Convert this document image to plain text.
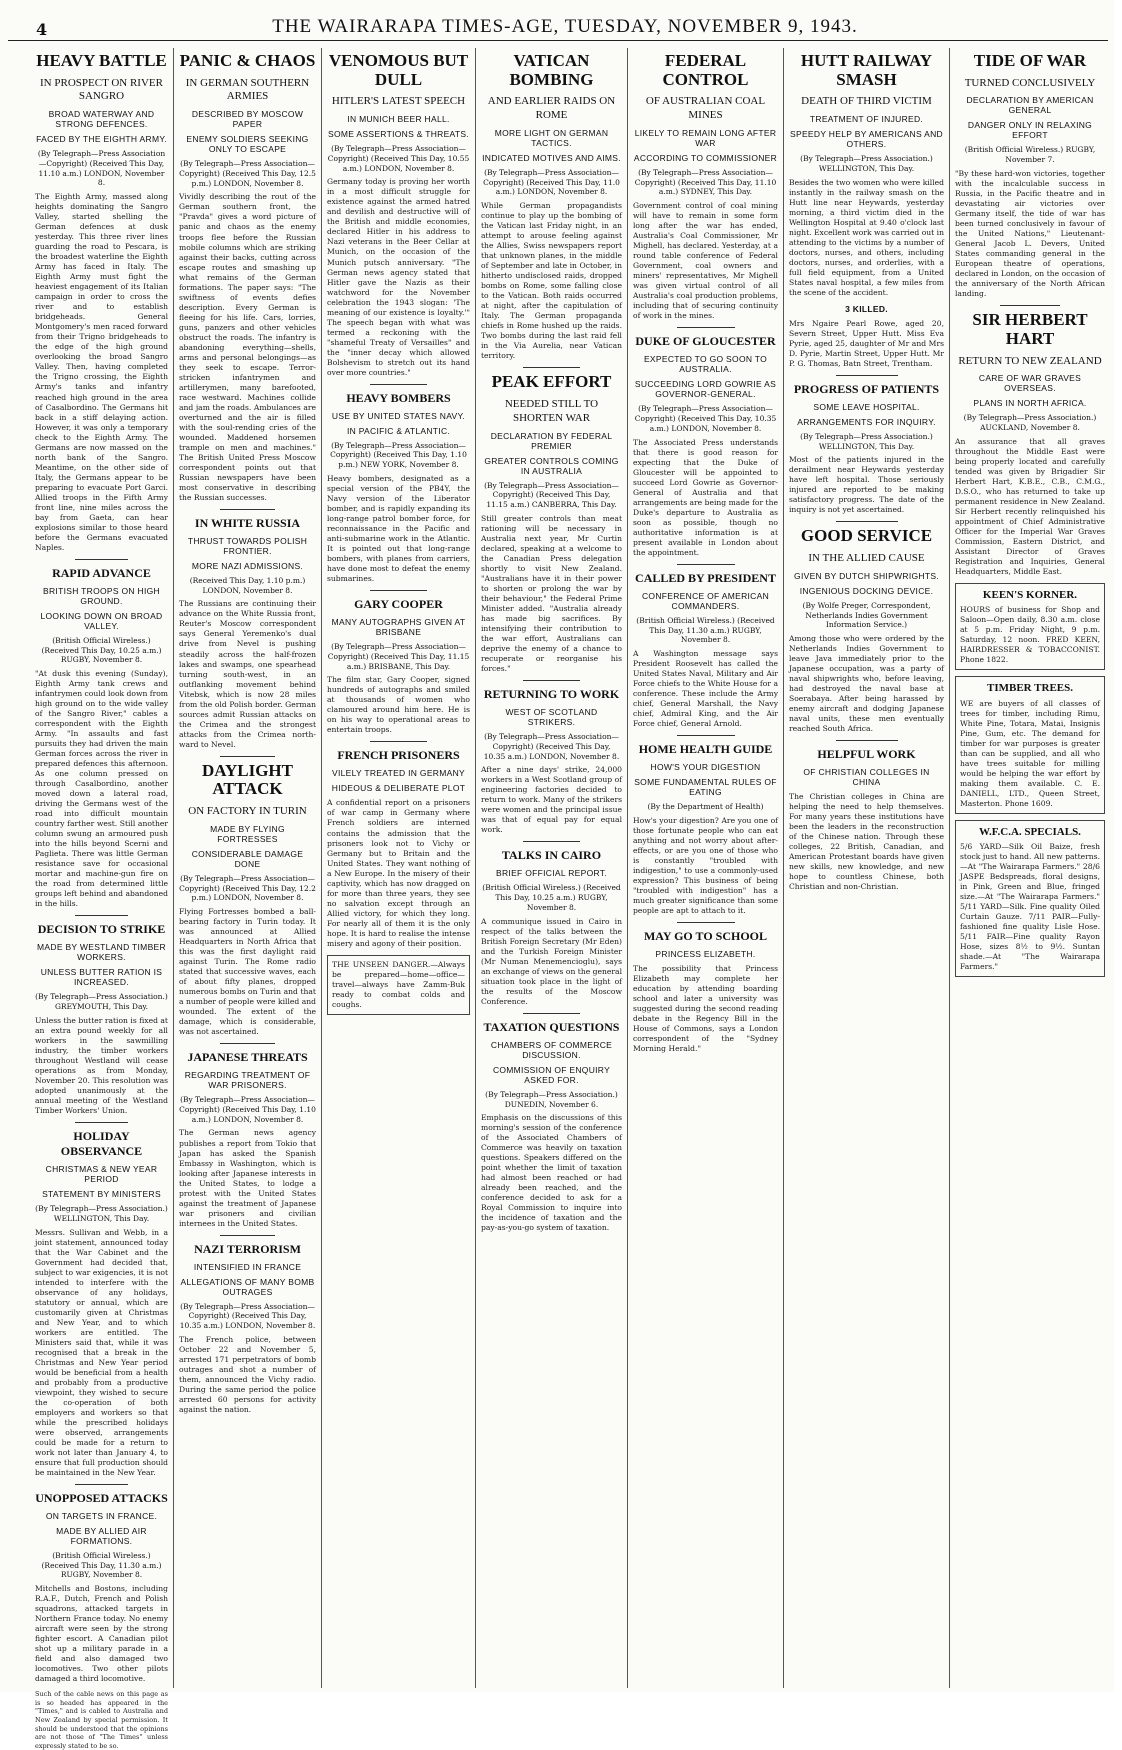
4	THE WAIRARAPA TIMES-AGE, TUESDAY, NOVEMBER 9, 1943.
HEAVY BATTLE
IN PROSPECT ON RIVER SANGRO
BROAD WATERWAY AND STRONG DEFENCES.
FACED BY THE EIGHTH ARMY.
(By Telegraph—Press Association—Copyright) (Received This Day, 11.10 a.m.) LONDON, November 8.
The Eighth Army, massed along heights dominating the Sangro Valley, started shelling the German defences at dusk yesterday. This three river lines guarding the road to Pescara, is the broadest waterline the Eighth Army has faced in Italy. The Eighth Army must fight the heaviest engagement of its Italian campaign in order to cross the river and to establish bridgeheads. General Montgomery's men raced forward from their Trigno bridgeheads to the edge of the high ground overlooking the broad Sangro Valley. Then, having completed the Trigno crossing, the Eighth Army's tanks and infantry reached high ground in the area of Casalbordino. The Germans hit back in a stiff delaying action. However, it was only a temporary check to the Eighth Army. The Germans are now massed on the north bank of the Sangro. Meantime, on the other side of Italy, the Germans appear to be preparing to evacuate Port Garci. Allied troops in the Fifth Army front line, nine miles across the bay from Gaeta, can hear explosions similar to those heard before the Germans evacuated Naples.
RAPID ADVANCE
BRITISH TROOPS ON HIGH GROUND.
LOOKING DOWN ON BROAD VALLEY.
(British Official Wireless.) (Received This Day, 10.25 a.m.) RUGBY, November 8.
"At dusk this evening (Sunday), Eighth Army tank crews and infantrymen could look down from high ground on to the wide valley of the Sangro River," cables a correspondent with the Eighth Army. "In assaults and fast pursuits they had driven the main German forces across the river in prepared defences this afternoon. As one column pressed on through Casalbordino, another moved down a lateral road, driving the Germans west of the road into difficult mountain country farther west. Still another column swung an armoured push into the hills beyond Scerni and Paglieta. There was little German resistance save for occasional mortar and machine-gun fire on the road from determined little groups left behind and abandoned in the hills.
DECISION TO STRIKE
MADE BY WESTLAND TIMBER WORKERS.
UNLESS BUTTER RATION IS INCREASED.
(By Telegraph—Press Association.) GREYMOUTH, This Day.
Unless the butter ration is fixed at an extra pound weekly for all workers in the sawmilling industry, the timber workers throughout Westland will cease operations as from Monday, November 20. This resolution was adopted unanimously at the annual meeting of the Westland Timber Workers' Union.
HOLIDAY OBSERVANCE
CHRISTMAS & NEW YEAR PERIOD
STATEMENT BY MINISTERS
(By Telegraph—Press Association.) WELLINGTON, This Day.
Messrs. Sullivan and Webb, in a joint statement, announced today that the War Cabinet and the Government had decided that, subject to war exigencies, it is not intended to interfere with the observance of any holidays, statutory or annual, which are customarily given at Christmas and New Year, and to which workers are entitled. The Ministers said that, while it was recognised that a break in the Christmas and New Year period would be beneficial from a health and probably from a productive viewpoint, they wished to secure the co-operation of both employers and workers so that while the prescribed holidays were observed, arrangements could be made for a return to work not later than January 4, to ensure that full production should be maintained in the New Year.
UNOPPOSED ATTACKS
ON TARGETS IN FRANCE.
MADE BY ALLIED AIR FORMATIONS.
(British Official Wireless.) (Received This Day, 11.30 a.m.) RUGBY, November 8.
Mitchells and Bostons, including R.A.F., Dutch, French and Polish squadrons, attacked targets in Northern France today. No enemy aircraft were seen by the strong fighter escort. A Canadian pilot shot up a military parade in a field and also damaged two locomotives. Two other pilots damaged a third locomotive.
Such of the cable news on this page as is so headed has appeared in the "Times," and is cabled to Australia and New Zealand by special permission. It should be understood that the opinions are not those of "The Times" unless expressly stated to be so.
PANIC & CHAOS
IN GERMAN SOUTHERN ARMIES
DESCRIBED BY MOSCOW PAPER
ENEMY SOLDIERS SEEKING ONLY TO ESCAPE
(By Telegraph—Press Association—Copyright) (Received This Day, 12.5 p.m.) LONDON, November 8.
Vividly describing the rout of the German southern front, the "Pravda" gives a word picture of panic and chaos as the enemy troops flee before the Russian mobile columns which are striking against their backs, cutting across escape routes and smashing up what remains of the German formations. The paper says: "The swiftness of events defies description. Every German is fleeing for his life. Cars, lorries, guns, panzers and other vehicles obstruct the roads. The infantry is abandoning everything—shells, arms and personal belongings—as they seek to escape. Terror-stricken infantrymen and artillerymen, many barefooted, race westward. Machines collide and jam the roads. Ambulances are overturned and the air is filled with the soul-rending cries of the wounded. Maddened horsemen trample on men and machines." The British United Press Moscow correspondent points out that Russian newspapers have been most conservative in describing the Russian successes.
IN WHITE RUSSIA
THRUST TOWARDS POLISH FRONTIER.
MORE NAZI ADMISSIONS.
(Received This Day, 1.10 p.m.) LONDON, November 8.
The Russians are continuing their advance on the White Russia front, Reuter's Moscow correspondent says General Yeremenko's dual drive from Nevel is pushing steadily across the half-frozen lakes and swamps, one spearhead turning south-west, in an outflanking movement behind Vitebsk, which is now 28 miles from the old Polish border. German sources admit Russian attacks on the Crimea and the strongest attacks from the Crimea north-ward to Nevel.
DAYLIGHT ATTACK
ON FACTORY IN TURIN
MADE BY FLYING FORTRESSES
CONSIDERABLE DAMAGE DONE
(By Telegraph—Press Association—Copyright) (Received This Day, 12.2 p.m.) LONDON, November 8.
Flying Fortresses bombed a ball-bearing factory in Turin today. It was announced at Allied Headquarters in North Africa that this was the first daylight raid against Turin. The Rome radio stated that successive waves, each of about fifty planes, dropped numerous bombs on Turin and that a number of people were killed and wounded. The extent of the damage, which is considerable, was not ascertained.
JAPANESE THREATS
REGARDING TREATMENT OF WAR PRISONERS.
(By Telegraph—Press Association—Copyright) (Received This Day, 1.10 a.m.) LONDON, November 8.
The German news agency publishes a report from Tokio that Japan has asked the Spanish Embassy in Washington, which is looking after Japanese interests in the United States, to lodge a protest with the United States against the treatment of Japanese war prisoners and civilian internees in the United States.
NAZI TERRORISM
INTENSIFIED IN FRANCE
ALLEGATIONS OF MANY BOMB OUTRAGES
(By Telegraph—Press Association—Copyright) (Received This Day, 10.35 a.m.) LONDON, November 8.
The French police, between October 22 and November 5, arrested 171 perpetrators of bomb outrages and shot a number of them, announced the Vichy radio. During the same period the police arrested 60 persons for activity against the nation.
VENOMOUS BUT DULL
HITLER'S LATEST SPEECH
IN MUNICH BEER HALL.
SOME ASSERTIONS & THREATS.
(By Telegraph—Press Association—Copyright) (Received This Day, 10.55 a.m.) LONDON, November 8.
Germany today is proving her worth in a most difficult struggle for existence against the armed hatred and devilish and destructive will of the British and middle economies, declared Hitler in his address to Nazi veterans in the Beer Cellar at Munich, on the occasion of the Munich putsch anniversary. "The German news agency stated that Hitler gave the Nazis as their watchword for the November celebration the 1943 slogan: 'The meaning of our existence is loyalty.'" The speech began with what was termed a reckoning with the "shameful Treaty of Versailles" and the "inner decay which allowed Bolshevism to stretch out its hand over more countries."
HEAVY BOMBERS
USE BY UNITED STATES NAVY.
IN PACIFIC & ATLANTIC.
(By Telegraph—Press Association—Copyright) (Received This Day, 1.10 p.m.) NEW YORK, November 8.
Heavy bombers, designated as a special version of the PB4Y, the Navy version of the Liberator bomber, and is rapidly expanding its long-range patrol bomber force, for reconnaissance in the Pacific and anti-submarine work in the Atlantic. It is pointed out that long-range bombers, with planes from carriers, have done most to defeat the enemy submarines.
GARY COOPER
MANY AUTOGRAPHS GIVEN AT BRISBANE
(By Telegraph—Press Association—Copyright) (Received This Day, 11.15 a.m.) BRISBANE, This Day.
The film star, Gary Cooper, signed hundreds of autographs and smiled at thousands of women who clamoured around him here. He is on his way to operational areas to entertain troops.
FRENCH PRISONERS
VILELY TREATED IN GERMANY
HIDEOUS & DELIBERATE PLOT
A confidential report on a prisoners of war camp in Germany where French soldiers are interned contains the admission that the prisoners look not to Vichy or Germany but to Britain and the United States. They want nothing of a New Europe. In the misery of their captivity, which has now dragged on for more than three years, they see no salvation except through an Allied victory, for which they long. For nearly all of them it is the only hope. It is hard to realise the intense misery and agony of their position.
THE UNSEEN DANGER.—Always be prepared—home—office—travel—always have Zamm-Buk ready to combat colds and coughs.
VATICAN BOMBING
AND EARLIER RAIDS ON ROME
MORE LIGHT ON GERMAN TACTICS.
INDICATED MOTIVES AND AIMS.
(By Telegraph—Press Association—Copyright) (Received This Day, 11.0 a.m.) LONDON, November 8.
While German propagandists continue to play up the bombing of the Vatican last Friday night, in an attempt to arouse feeling against the Allies, Swiss newspapers report that unknown planes, in the middle of September and late in October, in hitherto undisclosed raids, dropped bombs on Rome, some falling close to the Vatican. Both raids occurred at night, after the capitulation of Italy. The German propaganda chiefs in Rome hushed up the raids. Two bombs during the last raid fell in the Via Aurelia, near Vatican territory.
PEAK EFFORT
NEEDED STILL TO SHORTEN WAR
DECLARATION BY FEDERAL PREMIER
GREATER CONTROLS COMING IN AUSTRALIA
(By Telegraph—Press Association—Copyright) (Received This Day, 11.15 a.m.) CANBERRA, This Day.
Still greater controls than meat rationing will be necessary in Australia next year, Mr Curtin declared, speaking at a welcome to the Canadian Press delegation shortly to visit New Zealand. "Australians have it in their power to shorten or prolong the war by their behaviour," the Federal Prime Minister added. "Australia already has made big sacrifices. By intensifying their contribution to the war effort, Australians can deprive the enemy of a chance to recuperate or reorganise his forces."
RETURNING TO WORK
WEST OF SCOTLAND STRIKERS.
(By Telegraph—Press Association—Copyright) (Received This Day, 10.35 a.m.) LONDON, November 8.
After a nine days' strike, 24,000 workers in a West Scotland group of engineering factories decided to return to work. Many of the strikers were women and the principal issue was that of equal pay for equal work.
TALKS IN CAIRO
BRIEF OFFICIAL REPORT.
(British Official Wireless.) (Received This Day, 10.25 a.m.) RUGBY, November 8.
A communique issued in Cairo in respect of the talks between the British Foreign Secretary (Mr Eden) and the Turkish Foreign Minister (Mr Numan Menemencioglu), says an exchange of views on the general situation took place in the light of the results of the Moscow Conference.
TAXATION QUESTIONS
CHAMBERS OF COMMERCE DISCUSSION.
COMMISSION OF ENQUIRY ASKED FOR.
(By Telegraph—Press Association.) DUNEDIN, November 6.
Emphasis on the discussions of this morning's session of the conference of the Associated Chambers of Commerce was heavily on taxation questions. Speakers differed on the point whether the limit of taxation had almost been reached or had already been reached, and the conference decided to ask for a Royal Commission to inquire into the incidence of taxation and the pay-as-you-go system of taxation.
FEDERAL CONTROL
OF AUSTRALIAN COAL MINES
LIKELY TO REMAIN LONG AFTER WAR
ACCORDING TO COMMISSIONER
(By Telegraph—Press Association—Copyright) (Received This Day, 11.10 a.m.) SYDNEY, This Day.
Government control of coal mining will have to remain in some form long after the war has ended, Australia's Coal Commissioner, Mr Mighell, has declared. Yesterday, at a round table conference of Federal Government, coal owners and miners' representatives, Mr Mighell was given virtual control of all Australia's coal production problems, including that of securing continuity of work in the mines.
DUKE OF GLOUCESTER
EXPECTED TO GO SOON TO AUSTRALIA.
SUCCEEDING LORD GOWRIE AS GOVERNOR-GENERAL.
(By Telegraph—Press Association—Copyright) (Received This Day, 10.35 a.m.) LONDON, November 8.
The Associated Press understands that there is good reason for expecting that the Duke of Gloucester will be appointed to succeed Lord Gowrie as Governor-General of Australia and that arrangements are being made for the Duke's departure to Australia as soon as possible, though no authoritative information is at present available in London about the appointment.
CALLED BY PRESIDENT
CONFERENCE OF AMERICAN COMMANDERS.
(British Official Wireless.) (Received This Day, 11.30 a.m.) RUGBY, November 8.
A Washington message says President Roosevelt has called the United States Naval, Military and Air Force chiefs to the White House for a conference. These include the Army chief, General Marshall, the Navy chief, Admiral King, and the Air Force chief, General Arnold.
HOME HEALTH GUIDE
HOW'S YOUR DIGESTION
SOME FUNDAMENTAL RULES OF EATING
(By the Department of Health)
How's your digestion? Are you one of those fortunate people who can eat anything and not worry about after-effects, or are you one of those who is constantly "troubled with indigestion," to use a commonly-used expression? This business of being "troubled with indigestion" has a much greater significance than some people are apt to attach to it.
MAY GO TO SCHOOL
PRINCESS ELIZABETH.
The possibility that Princess Elizabeth may complete her education by attending boarding school and later a university was suggested during the second reading debate in the Regency Bill in the House of Commons, says a London correspondent of the "Sydney Morning Herald."
HUTT RAILWAY SMASH
DEATH OF THIRD VICTIM
TREATMENT OF INJURED.
SPEEDY HELP BY AMERICANS AND OTHERS.
(By Telegraph—Press Association.) WELLINGTON, This Day.
Besides the two women who were killed instantly in the railway smash on the Hutt line near Heywards, yesterday morning, a third victim died in the Wellington Hospital at 9.40 o'clock last night. Excellent work was carried out in attending to the victims by a number of doctors, nurses, and others, including doctors, nurses, and orderlies, with a full field equipment, from a United States naval hospital, a few miles from the scene of the accident.
3 KILLED.
Mrs Ngaire Pearl Rowe, aged 20, Severn Street, Upper Hutt. Miss Eva Pyrie, aged 25, daughter of Mr and Mrs D. Pyrie, Martin Street, Upper Hutt. Mr P. G. Thomas, Batn Street, Trentham.
PROGRESS OF PATIENTS
SOME LEAVE HOSPITAL.
ARRANGEMENTS FOR INQUIRY.
(By Telegraph—Press Association.) WELLINGTON, This Day.
Most of the patients injured in the derailment near Heywards yesterday have left hospital. Those seriously injured are reported to be making satisfactory progress. The date of the inquiry is not yet ascertained.
GOOD SERVICE
IN THE ALLIED CAUSE
GIVEN BY DUTCH SHIPWRIGHTS.
INGENIOUS DOCKING DEVICE.
(By Wolfe Preger, Correspondent, Netherlands Indies Government Information Service.)
Among those who were ordered by the Netherlands Indies Government to leave Java immediately prior to the Japanese occupation, was a party of naval shipwrights who, before leaving, had destroyed the naval base at Soerabaya. After being harassed by enemy aircraft and dodging Japanese naval units, these men eventually reached South Africa.
HELPFUL WORK
OF CHRISTIAN COLLEGES IN CHINA
The Christian colleges in China are helping the need to help themselves. For many years these institutions have been the leaders in the reconstruction of the Chinese nation. Through these colleges, 22 British, Canadian, and American Protestant boards have given new skills, new knowledge, and new hope to countless Chinese, both Christian and non-Christian.
TIDE OF WAR
TURNED CONCLUSIVELY
DECLARATION BY AMERICAN GENERAL
DANGER ONLY IN RELAXING EFFORT
(British Official Wireless.) RUGBY, November 7.
"By these hard-won victories, together with the incalculable success in Russia, in the Pacific theatre and in devastating air victories over Germany itself, the tide of war has been turned conclusively in favour of the United Nations," Lieutenant-General Jacob L. Devers, United States commanding general in the European theatre of operations, declared in London, on the occasion of the anniversary of the North African landing.
SIR HERBERT HART
RETURN TO NEW ZEALAND
CARE OF WAR GRAVES OVERSEAS.
PLANS IN NORTH AFRICA.
(By Telegraph—Press Association.) AUCKLAND, November 8.
An assurance that all graves throughout the Middle East were being properly located and carefully tended was given by Brigadier Sir Herbert Hart, K.B.E., C.B., C.M.G., D.S.O., who has returned to take up permanent residence in New Zealand. Sir Herbert recently relinquished his appointment of Chief Administrative Officer for the Imperial War Graves Commission, Eastern District, and Assistant Director of Graves Registration and Inquiries, General Headquarters, Middle East.
KEEN'S KORNER.
HOURS of business for Shop and Saloon—Open daily, 8.30 a.m. close at 5 p.m. Friday Night, 9 p.m. Saturday, 12 noon. FRED KEEN, HAIRDRESSER & TOBACCONIST. Phone 1822.
TIMBER TREES.
WE are buyers of all classes of trees for timber, including Rimu, White Pine, Totara, Matai, Insignis Pine, Gum, etc. The demand for timber for war purposes is greater than can be supplied, and all who have trees suitable for milling would be helping the war effort by making them available. C. E. DANIELL, LTD., Queen Street, Masterton. Phone 1609.
W.F.C.A. SPECIALS.
5/6 YARD—Silk Oil Baize, fresh stock just to hand. All new patterns.—At "The Wairarapa Farmers." 28/6 JASPE Bedspreads, floral designs, in Pink, Green and Blue, fringed size.—At "The Wairarapa Farmers." 5/11 YARD—Silk. Fine quality Oiled Curtain Gauze. 7/11 PAIR—Fully-fashioned fine quality Lisle Hose. 5/11 FAIR—Fine quality Rayon Hose, sizes 8½ to 9½. Suntan shade.—At "The Wairarapa Farmers."
